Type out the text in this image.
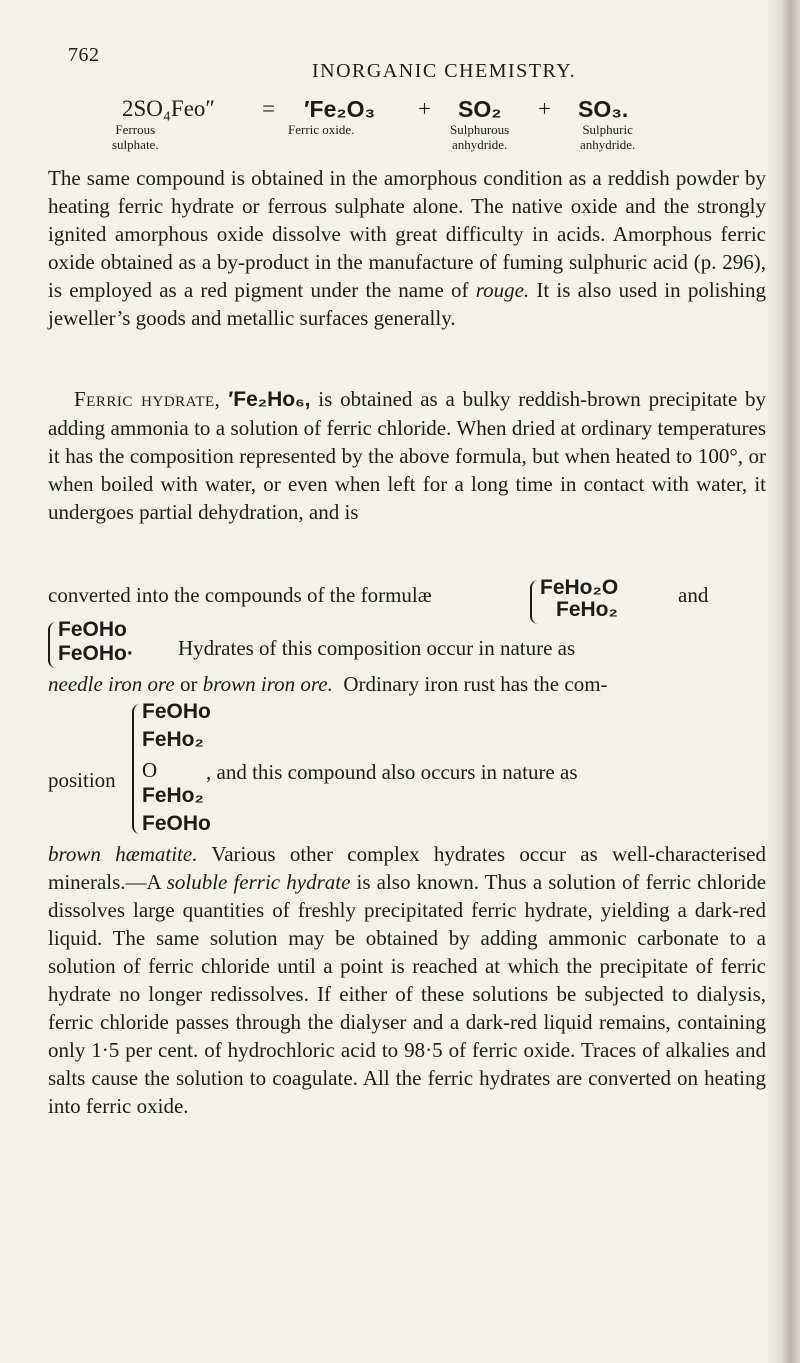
762
INORGANIC CHEMISTRY.
2SO₄Feo″ = ′Fe₂O₃ + SO₂ + SO₃.
Ferrous
sulphate.
Ferric oxide.	Sulphurous
anhydride.
Sulphuric
anhydride.

The same compound is obtained in the amorphous condition as a reddish powder by heating ferric hydrate or ferrous sulphate alone. The native oxide and the strongly ignited amorphous oxide dissolve with great difficulty in acids. Amorphous ferric oxide obtained as a by-product in the manufacture of fuming sulphuric acid (p. 296), is employed as a red pigment under the name of rouge. It is also used in polishing jeweller’s goods and metallic surfaces generally.

Ferric hydrate, ′Fe₂Ho₆, is obtained as a bulky reddish-brown precipitate by adding ammonia to a solution of ferric chloride. When dried at ordinary temperatures it has the composition represented by the above formula, but when heated to 100°, or when boiled with water, or even when left for a long time in contact with water, it undergoes partial dehydration, and is

converted into the compounds of the formulæ	FeHo₂O
FeHo₂
and
FeOHo
FeOHo· Hydrates of this composition occur in nature as
needle iron ore or brown iron ore. Ordinary iron rust has the com-
position
FeOHo
FeHo₂
O
FeHo₂
FeOHo
, and this compound also occurs in nature as

brown hæmatite. Various other complex hydrates occur as well-characterised minerals.—A soluble ferric hydrate is also known. Thus a solution of ferric chloride dissolves large quantities of freshly precipitated ferric hydrate, yielding a dark-red liquid. The same solution may be obtained by adding ammonic carbonate to a solution of ferric chloride until a point is reached at which the precipitate of ferric hydrate no longer redissolves. If either of these solutions be subjected to dialysis, ferric chloride passes through the dialyser and a dark-red liquid remains, containing only 1·5 per cent. of hydrochloric acid to 98·5 of ferric oxide. Traces of alkalies and salts cause the solution to coagulate. All the ferric hydrates are converted on heating into ferric oxide.
